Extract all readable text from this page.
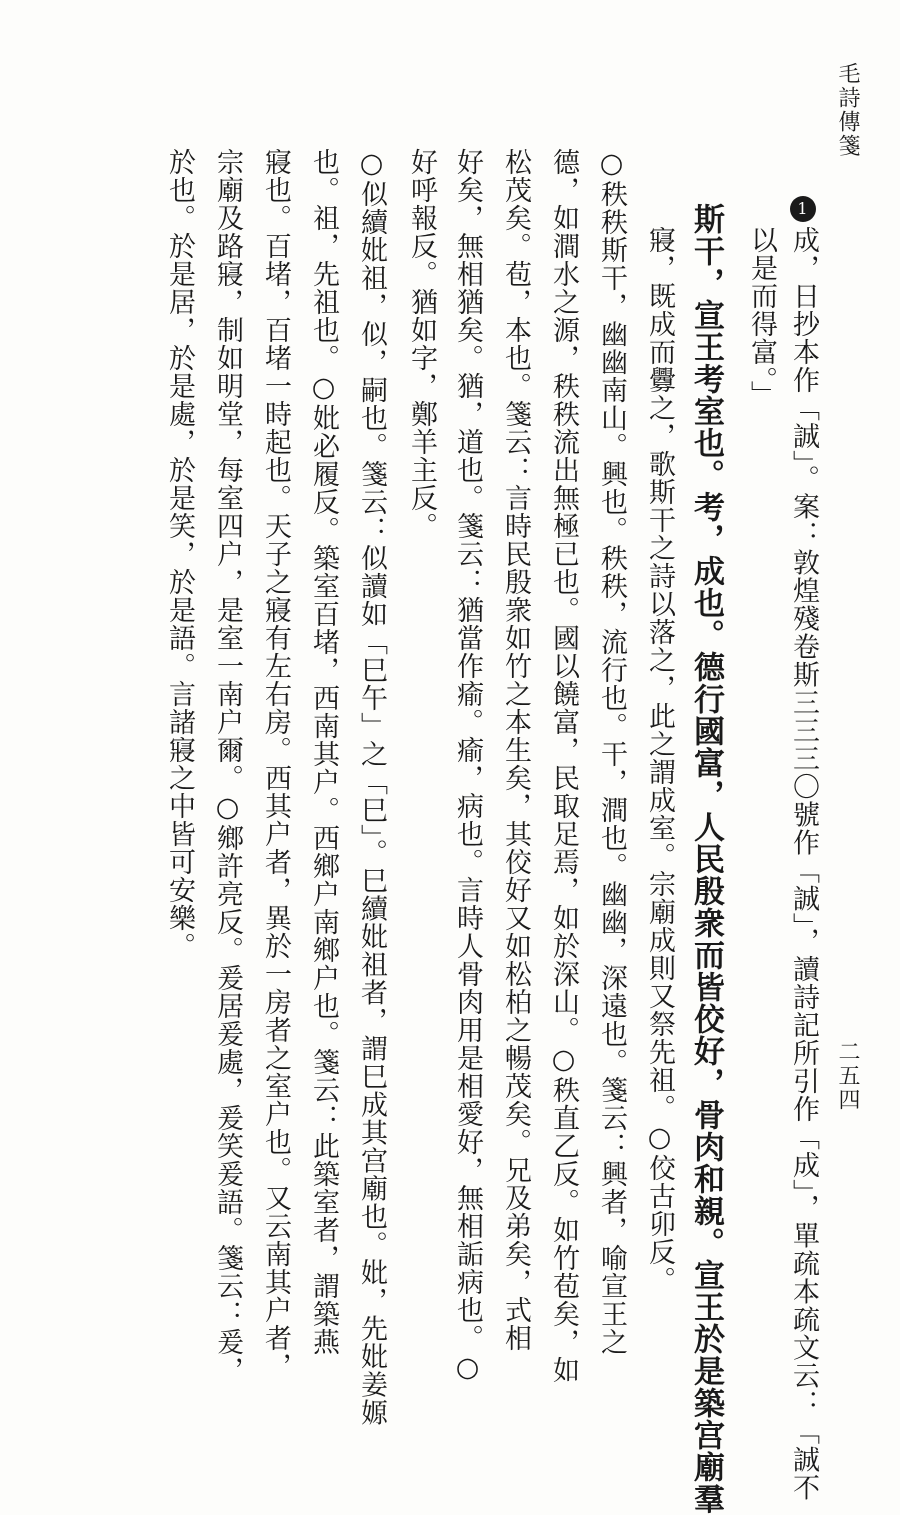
毛詩傳箋
二五四
1成，日抄本作「誠」。案：敦煌殘卷斯三三三〇號作「誠」，讀詩記所引作「成」，單疏本疏文云：「誠不
以是而得富。」
斯干，宣王考室也。考，成也。德行國富，人民殷衆而皆佼好，骨肉和親。宣王於是築宫廟羣
寢，既成而釁之，歌斯干之詩以落之，此之謂成室。宗廟成則又祭先祖。○佼古卯反。
○秩秩斯干，幽幽南山。興也。秩秩，流行也。干，澗也。幽幽，深遠也。箋云：興者，喻宣王之
德，如澗水之源，秩秩流出無極已也。國以饒富，民取足焉，如於深山。○秩直乙反。如竹苞矣，如
松茂矣。苞，本也。箋云：言時民殷衆如竹之本生矣，其佼好又如松柏之暢茂矣。兄及弟矣，式相
好矣，無相猶矣。猶，道也。箋云：猶當作瘉。瘉，病也。言時人骨肉用是相愛好，無相詬病也。○
好呼報反。猶如字，鄭羊主反。
○似續妣祖，似，嗣也。箋云：似讀如「巳午」之「巳」。巳續妣祖者，謂巳成其宫廟也。妣，先妣姜嫄
也。祖，先祖也。○妣必履反。築室百堵，西南其户。西鄉户南鄉户也。箋云：此築室者，謂築燕
寢也。百堵，百堵一時起也。天子之寢有左右房。西其户者，異於一房者之室户也。又云南其户者，
宗廟及路寢，制如明堂，每室四户，是室一南户爾。○鄉許亮反。爰居爰處，爰笑爰語。箋云：爰，
於也。於是居，於是處，於是笑，於是語。言諸寢之中皆可安樂。
